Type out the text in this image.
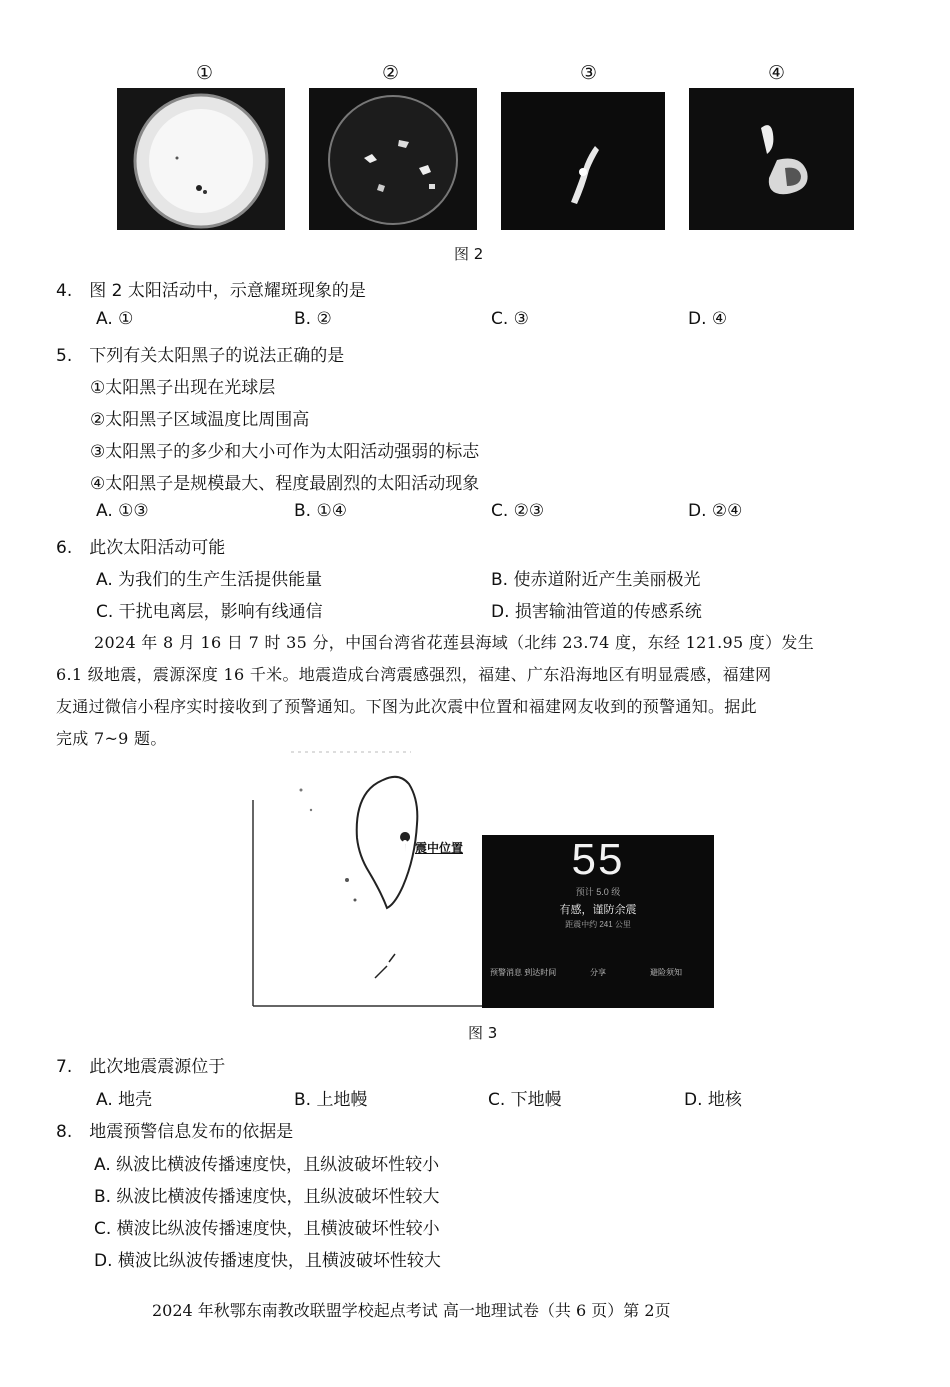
①	②	③	④
图 2
4.　图 2 太阳活动中，示意耀斑现象的是
A. ①	B. ②	C. ③	D. ④
5.　下列有关太阳黑子的说法正确的是
①太阳黑子出现在光球层
②太阳黑子区域温度比周围高
③太阳黑子的多少和大小可作为太阳活动强弱的标志
④太阳黑子是规模最大、程度最剧烈的太阳活动现象
A. ①③	B. ①④	C. ②③	D. ②④
6.　此次太阳活动可能
A. 为我们的生产生活提供能量	B. 使赤道附近产生美丽极光
C. 干扰电离层，影响有线通信	D. 损害输油管道的传感系统
2024 年 8 月 16 日 7 时 35 分，中国台湾省花莲县海域（北纬 23.74 度，东经 121.95 度）发生
6.1 级地震，震源深度 16 千米。地震造成台湾震感强烈，福建、广东沿海地区有明显震感，福建网
友通过微信小程序实时接收到了预警通知。下图为此次震中位置和福建网友收到的预警通知。据此
完成 7~9 题。
震中位置	55
预计 5.0 级
有感，谨防余震
距震中约 241 公里
预警消息 到达时间	分享	避险须知
图 3
7.　此次地震震源位于
A. 地壳	B. 上地幔	C. 下地幔	D. 地核
8.　地震预警信息发布的依据是
A. 纵波比横波传播速度快，且纵波破坏性较小
B. 纵波比横波传播速度快，且纵波破坏性较大
C. 横波比纵波传播速度快，且横波破坏性较小
D. 横波比纵波传播速度快，且横波破坏性较大
2024 年秋鄂东南教改联盟学校起点考试 高一地理试卷（共 6 页）第 2页
